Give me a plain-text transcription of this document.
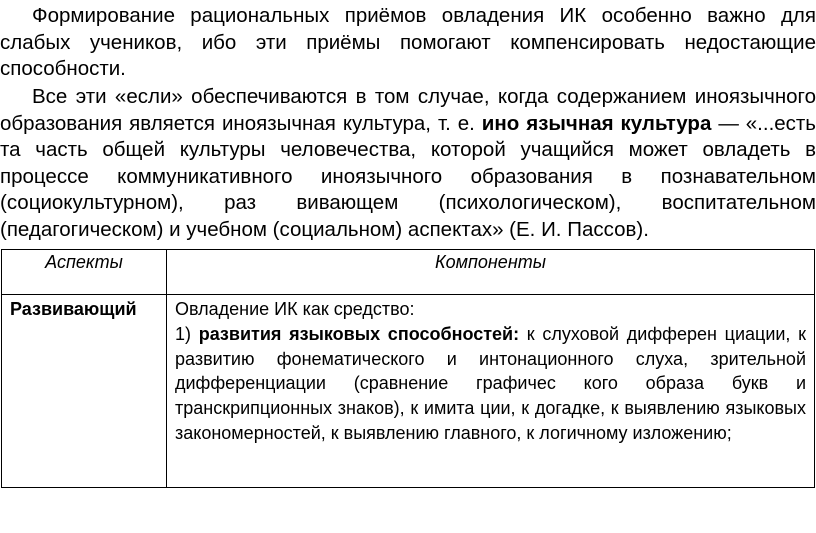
Формирование рациональных приёмов овладения ИК особенно важно для слабых учеников, ибо эти приёмы помогают компенсировать недостающие способности.

Все эти «если» обеспечиваются в том случае, когда содержанием иноязычного образования является иноязычная культура, т. е. ино язычная культура — «...есть та часть общей культуры человечества, которой учащийся может овладеть в процессе коммуникативного иноязычного образования в познавательном (социокультурном), раз вивающем (психологическом), воспитательном (педагогическом) и учебном (социальном) аспектах» (Е. И. Пассов).

Аспекты	Компоненты
Развивающий	Овладение ИК как средство:
1) развития языковых способностей: к слуховой дифферен циации, к развитию фонематического и интонационного слуха, зрительной дифференциации (сравнение графичес кого образа букв и транскрипционных знаков), к имита ции, к догадке, к выявлению языковых закономерностей, к выявлению главного, к логичному изложению;
